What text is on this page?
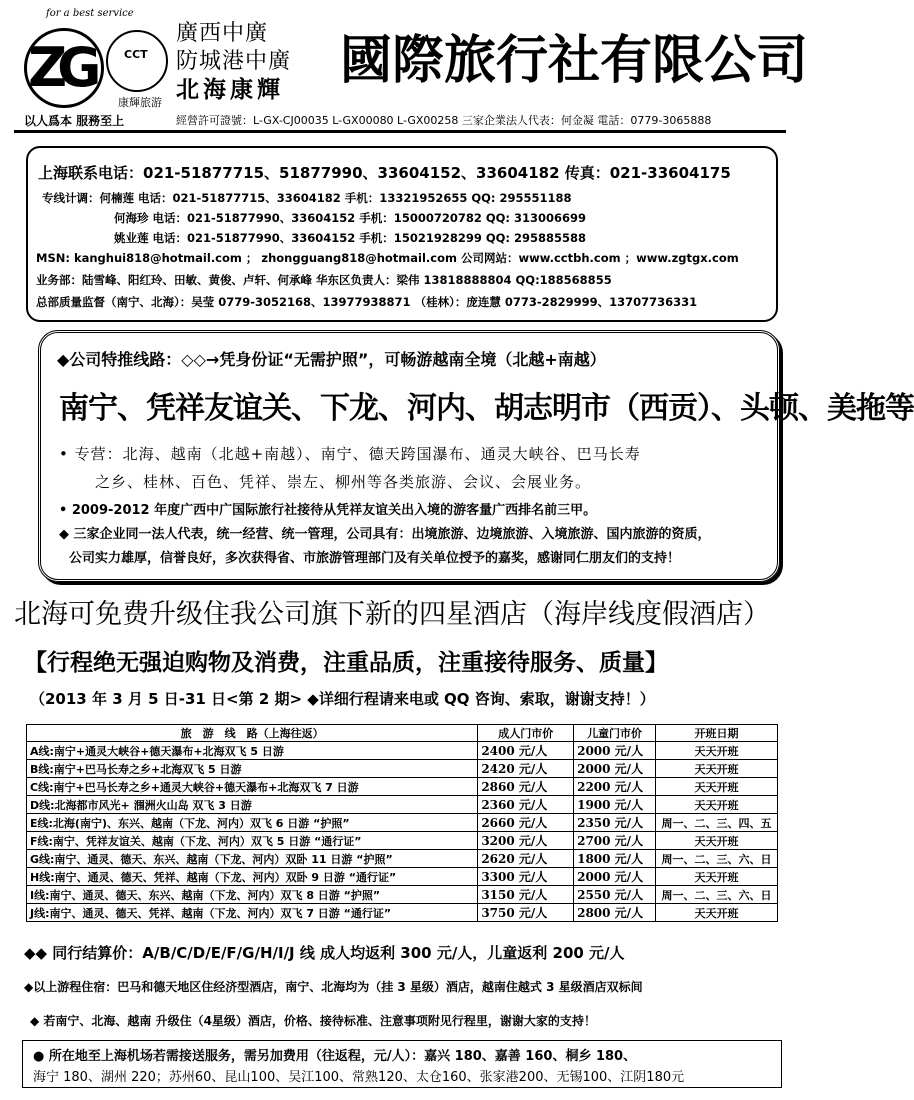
for a best service
ZG	CCT
康輝旅游
以人爲本 服務至上
廣西中廣
防城港中廣
北海康輝	國際旅行社有限公司
經營許可證號：L-GX-CJ00035 L-GX00080 L-GX00258 三家企業法人代表：何金凝 電話：0779-3065888
上海联系电话：021-51877715、51877990、33604152、33604182 传真：021-33604175
专线计调：何楠莲 电话：021-51877715、33604182 手机：13321952655 QQ: 295551188
何海珍 电话：021-51877990、33604152 手机：15000720782 QQ: 313006699
姚业莲 电话：021-51877990、33604152 手机：15021928299 QQ: 295885588
MSN: kanghui818@hotmail.com ； zhongguang818@hotmail.com 公司网站：www.cctbh.com ；www.zgtgx.com
业务部：陆雪峰、阳红玲、田敏、黄俊、卢轩、何承峰 华东区负责人：梁伟 13818888804 QQ:188568855
总部质量监督（南宁、北海）：吴莹 0779-3052168、13977938871 （桂林）：庞连慧 0773-2829999、13707736331
◆公司特推线路：◇◇→凭身份证“无需护照”，可畅游越南全境（北越+南越）
南宁、凭祥友谊关、下龙、河内、胡志明市（西贡）、头顿、美拖等
• 专营：北海、越南（北越+南越）、南宁、德天跨国瀑布、通灵大峡谷、巴马长寿
之乡、桂林、百色、凭祥、崇左、柳州等各类旅游、会议、会展业务。
• 2009-2012 年度广西中广国际旅行社接待从凭祥友谊关出入境的游客量广西排名前三甲。
◆ 三家企业同一法人代表，统一经营、统一管理，公司具有：出境旅游、边境旅游、入境旅游、国内旅游的资质，
公司实力雄厚，信誉良好，多次获得省、市旅游管理部门及有关单位授予的嘉奖，感谢同仁朋友们的支持！
北海可免费升级住我公司旗下新的四星酒店（海岸线度假酒店）
【行程绝无强迫购物及消费，注重品质，注重接待服务、质量】
（2013 年 3 月 5 日-31 日<第 2 期> ◆详细行程请来电或 QQ 咨询、索取，谢谢支持！）
旅　游　线　路（上海往返）	成人门市价	儿童门市价	开班日期
A线:南宁+通灵大峡谷+德天瀑布+北海双飞 5 日游	2400 元/人	2000 元/人	天天开班
B线:南宁+巴马长寿之乡+北海双飞 5 日游	2420 元/人	2000 元/人	天天开班
C线:南宁+巴马长寿之乡+通灵大峡谷+德天瀑布+北海双飞 7 日游	2860 元/人	2200 元/人	天天开班
D线:北海都市风光+ 涠洲火山岛 双飞 3 日游	2360 元/人	1900 元/人	天天开班
E线:北海(南宁)、东兴、越南（下龙、河内）双飞 6 日游 “护照”	2660 元/人	2350 元/人	周一、二、三、四、五
F线:南宁、凭祥友谊关、越南（下龙、河内）双飞 5 日游 “通行证”	3200 元/人	2700 元/人	天天开班
G线:南宁、通灵、德天、东兴、越南（下龙、河内）双卧 11 日游 “护照”	2620 元/人	1800 元/人	周一、二、三、六、日
H线:南宁、通灵、德天、凭祥、越南（下龙、河内）双卧 9 日游 “通行证”	3300 元/人	2000 元/人	天天开班
I线:南宁、通灵、德天、东兴、越南（下龙、河内）双飞 8 日游 “护照”	3150 元/人	2550 元/人	周一、二、三、六、日
J线:南宁、通灵、德天、凭祥、越南（下龙、河内）双飞 7 日游 “通行证”	3750 元/人	2800 元/人	天天开班
◆◆ 同行结算价：A/B/C/D/E/F/G/H/I/J 线 成人均返利 300 元/人，儿童返利 200 元/人
◆以上游程住宿：巴马和德天地区住经济型酒店，南宁、北海均为（挂 3 星级）酒店，越南住越式 3 星级酒店双标间
◆ 若南宁、北海、越南 升级住（4星级）酒店，价格、接待标准、注意事项附见行程里，谢谢大家的支持！
● 所在地至上海机场若需接送服务，需另加费用（往返程，元/人）：嘉兴 180、嘉善 160、桐乡 180、
海宁 180、湖州 220；苏州60、昆山100、吴江100、常熟120、太仓160、张家港200、无锡100、江阴180元
